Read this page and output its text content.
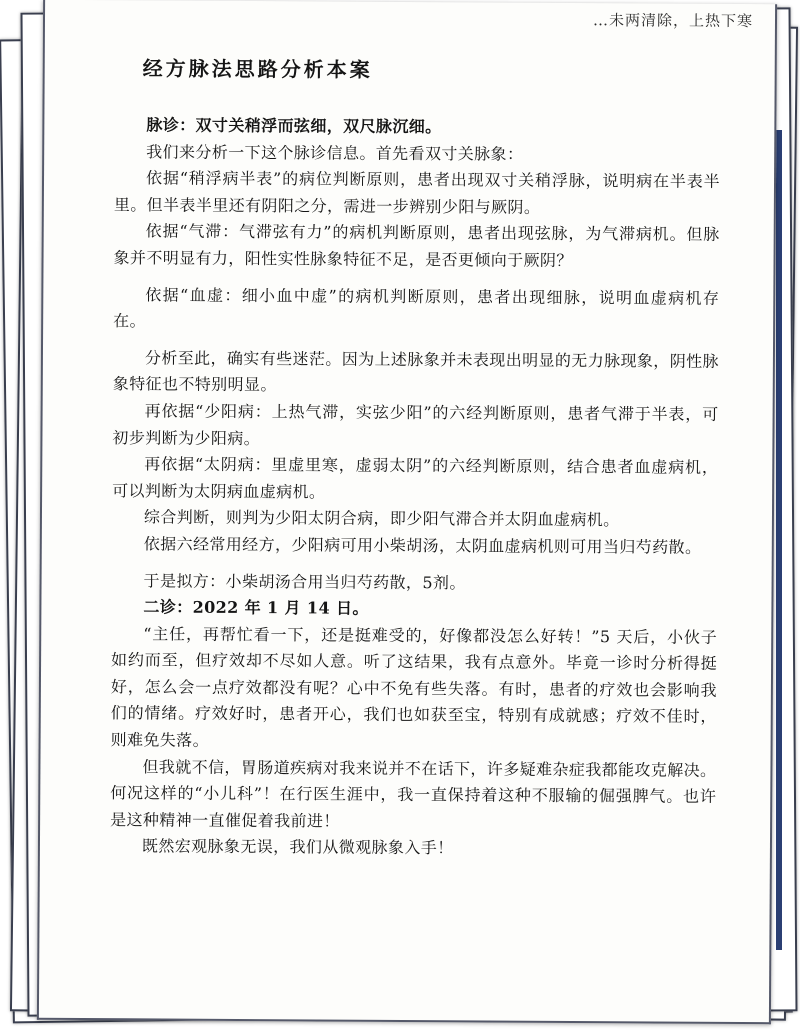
…未两清除，上热下寒
经方脉法思路分析本案

脉诊：双寸关稍浮而弦细，双尺脉沉细。

我们来分析一下这个脉诊信息。首先看双寸关脉象：

依据“稍浮病半表”的病位判断原则，患者出现双寸关稍浮脉，说明病在半表半里。但半表半里还有阴阳之分，需进一步辨别少阳与厥阴。

依据“气滞：气滞弦有力”的病机判断原则，患者出现弦脉，为气滞病机。但脉象并不明显有力，阳性实性脉象特征不足，是否更倾向于厥阴？

依据“血虚：细小血中虚”的病机判断原则，患者出现细脉，说明血虚病机存在。

分析至此，确实有些迷茫。因为上述脉象并未表现出明显的无力脉现象，阴性脉象特征也不特别明显。

再依据“少阳病：上热气滞，实弦少阳”的六经判断原则，患者气滞于半表，可初步判断为少阳病。

再依据“太阴病：里虚里寒，虚弱太阴”的六经判断原则，结合患者血虚病机，可以判断为太阴病血虚病机。

综合判断，则判为少阳太阴合病，即少阳气滞合并太阴血虚病机。

依据六经常用经方，少阳病可用小柴胡汤，太阴血虚病机则可用当归芍药散。

于是拟方：小柴胡汤合用当归芍药散，5剂。

二诊：2022 年 1 月 14 日。

“主任，再帮忙看一下，还是挺难受的，好像都没怎么好转！”5 天后，小伙子如约而至，但疗效却不尽如人意。听了这结果，我有点意外。毕竟一诊时分析得挺好，怎么会一点疗效都没有呢？心中不免有些失落。有时，患者的疗效也会影响我们的情绪。疗效好时，患者开心，我们也如获至宝，特别有成就感；疗效不佳时，则难免失落。

但我就不信，胃肠道疾病对我来说并不在话下，许多疑难杂症我都能攻克解决。何况这样的“小儿科”！在行医生涯中，我一直保持着这种不服输的倔强脾气。也许是这种精神一直催促着我前进！

既然宏观脉象无误，我们从微观脉象入手！
